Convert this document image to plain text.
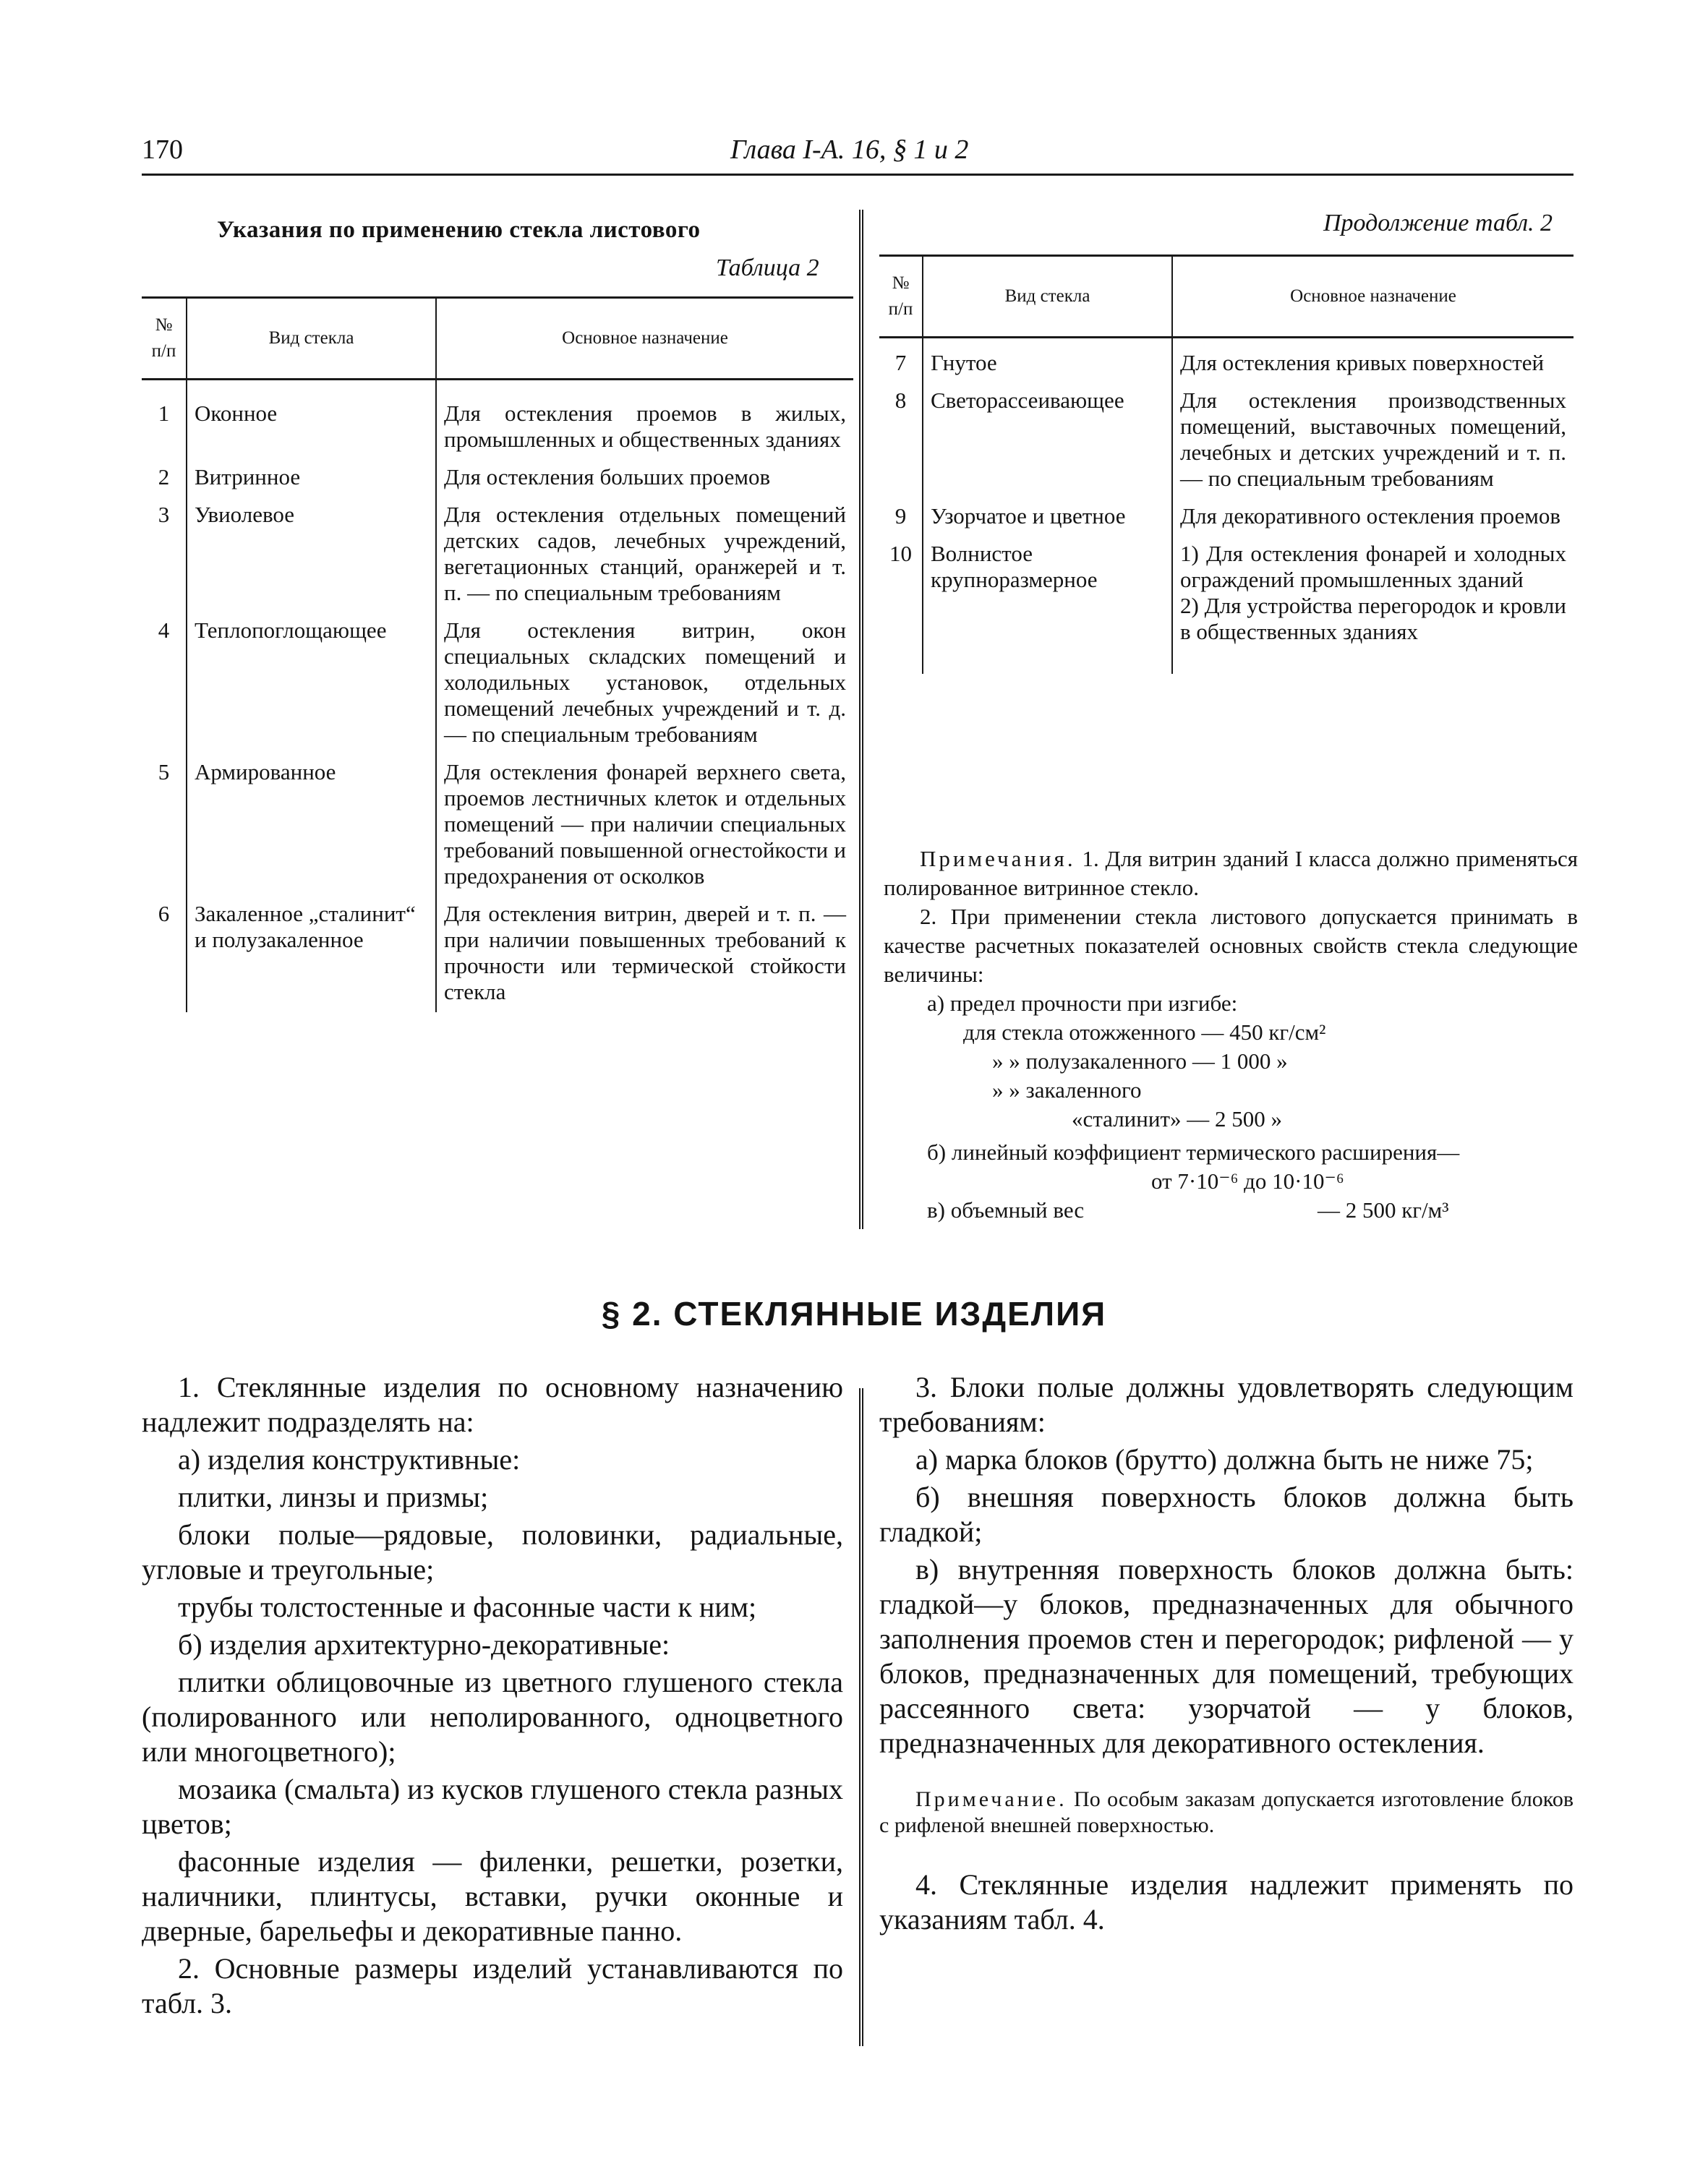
170	Глава I-А. 16, § 1 и 2
Указания по применению стекла листового
Таблица 2
Продолжение табл. 2
№ п/п	Вид стекла	Основное назначение
1	Оконное	Для остекления проемов в жилых, промышленных и общественных зданиях
2	Витринное	Для остекления больших проемов
3	Увиолевое	Для остекления отдельных помещений детских садов, лечебных учреждений, вегетационных станций, оранжерей и т. п. — по специальным требованиям
4	Теплопоглощающее	Для остекления витрин, окон специальных складских помещений и холодильных установок, отдельных помещений лечебных учреждений и т. д. — по специальным требованиям
5	Армированное	Для остекления фонарей верхнего света, проемов лестничных клеток и отдельных помещений — при наличии специальных требований повышенной огнестойкости и предохранения от осколков
6	Закаленное „сталинит“ и полузакаленное	Для остекления витрин, дверей и т. п. — при наличии повышенных требований к прочности или термической стойкости стекла
№ п/п	Вид стекла	Основное назначение
7	Гнутое	Для остекления кривых поверхностей
8	Светорассеивающее	Для остекления производственных помещений, выставочных помещений, лечебных и детских учреждений и т. п. — по специальным требованиям
9	Узорчатое и цветное	Для декоративного остекления проемов
10	Волнистое крупноразмерное	1) Для остекления фонарей и холодных ограждений промышленных зданий
2) Для устройства перегородок и кровли в общественных зданиях

Примечания. 1. Для витрин зданий I класса должно применяться полированное витринное стекло.

2. При применении стекла листового допускается принимать в качестве расчетных показателей основных свойств стекла следующие величины:

а) предел прочности при изгибе:
для стекла отожженного — 450 кг/см²
» » полузакаленного — 1 000 »
» » закаленного
«сталинит» — 2 500 »
б) линейный коэффициент термического расширения—
от 7·10⁻⁶ до 10·10⁻⁶
в) объемный вес	— 2 500 кг/м³
§ 2. СТЕКЛЯННЫЕ ИЗДЕЛИЯ

1. Стеклянные изделия по основному назначению надлежит подразделять на:

а) изделия конструктивные:

плитки, линзы и призмы;

блоки полые—рядовые, половинки, радиальные, угловые и треугольные;

трубы толстостенные и фасонные части к ним;

б) изделия архитектурно-декоративные:

плитки облицовочные из цветного глушеного стекла (полированного или неполированного, одноцветного или многоцветного);

мозаика (смальта) из кусков глушеного стекла разных цветов;

фасонные изделия — филенки, решетки, розетки, наличники, плинтусы, вставки, ручки оконные и дверные, барельефы и декоративные панно.

2. Основные размеры изделий устанавливаются по табл. 3.

3. Блоки полые должны удовлетворять следующим требованиям:

а) марка блоков (брутто) должна быть не ниже 75;

б) внешняя поверхность блоков должна быть гладкой;

в) внутренняя поверхность блоков должна быть: гладкой—у блоков, предназначенных для обычного заполнения проемов стен и перегородок; рифленой — у блоков, предназначенных для помещений, требующих рассеянного света: узорчатой — у блоков, предназначенных для декоративного остекления.

Примечание. По особым заказам допускается изготовление блоков с рифленой внешней поверхностью.

4. Стеклянные изделия надлежит применять по указаниям табл. 4.
